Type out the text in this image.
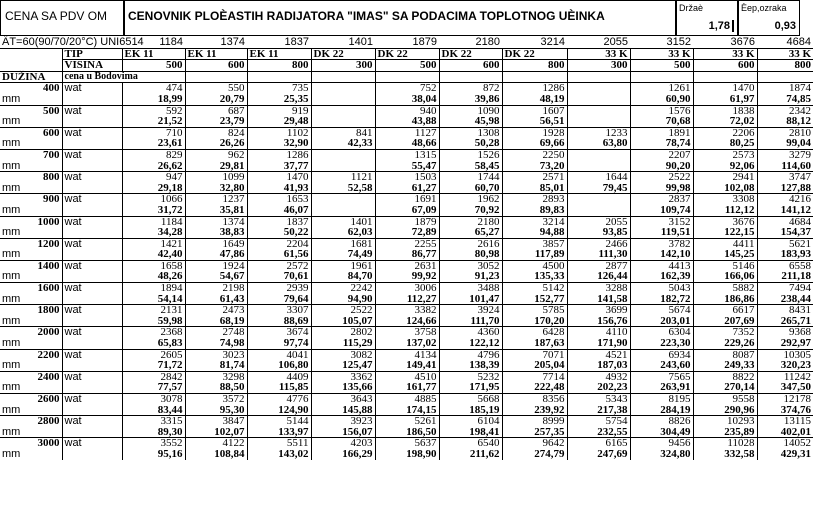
CENA SA PDV OM	CENOVNIK PLOÈASTIH RADIJATORA "IMAS" SA PODACIMA TOPLOTNOG UÈINKA
Držaè
1,78
Èep,ozraka
0,93
ÄT=60(90/70/20°C) UNI6514		1184	1374	1837	1401	1879	2180	3214	2055	3152	3676	4684
	TIP	EK 11	EK 11	EK 11	DK 22	DK 22	DK 22	DK 22	33 K	33 K	33 K	33 K
	VISINA	500	600	800	300	500	600	800	300	500	600	800
DUŽINA	cena u Bodovima											
400	wat	474	550	735		752	872	1286		1261	1470	1874
mm		18,99	20,79	25,35		38,04	39,86	48,19		60,90	61,97	74,85
500	wat	592	687	919		940	1090	1607		1576	1838	2342
mm		21,52	23,79	29,48		43,88	45,98	56,51		70,68	72,02	88,12
600	wat	710	824	1102	841	1127	1308	1928	1233	1891	2206	2810
mm		23,61	26,26	32,90	42,33	48,66	50,28	69,66	63,80	78,74	80,25	99,04
700	wat	829	962	1286		1315	1526	2250		2207	2573	3279
mm		26,62	29,81	37,77		55,47	58,45	73,20		90,20	92,06	114,60
800	wat	947	1099	1470	1121	1503	1744	2571	1644	2522	2941	3747
mm		29,18	32,80	41,93	52,58	61,27	60,70	85,01	79,45	99,98	102,08	127,88
900	wat	1066	1237	1653		1691	1962	2893		2837	3308	4216
mm		31,72	35,81	46,07		67,09	70,92	89,83		109,74	112,12	141,12
1000	wat	1184	1374	1837	1401	1879	2180	3214	2055	3152	3676	4684
mm		34,28	38,83	50,22	62,03	72,89	65,27	94,88	93,85	119,51	122,15	154,37
1200	wat	1421	1649	2204	1681	2255	2616	3857	2466	3782	4411	5621
mm		42,40	47,86	61,56	74,49	86,77	80,98	117,89	111,30	142,10	145,25	183,93
1400	wat	1658	1924	2572	1961	2631	3052	4500	2877	4413	5146	6558
mm		48,26	54,67	70,61	84,70	99,92	91,23	135,33	126,44	162,39	166,06	211,18
1600	wat	1894	2198	2939	2242	3006	3488	5142	3288	5043	5882	7494
mm		54,14	61,43	79,64	94,90	112,27	101,47	152,77	141,58	182,72	186,86	238,44
1800	wat	2131	2473	3307	2522	3382	3924	5785	3699	5674	6617	8431
mm		59,98	68,19	88,69	105,07	124,66	111,70	170,20	156,76	203,01	207,69	265,71
2000	wat	2368	2748	3674	2802	3758	4360	6428	4110	6304	7352	9368
mm		65,83	74,98	97,74	115,29	137,02	122,12	187,63	171,90	223,30	229,26	292,97
2200	wat	2605	3023	4041	3082	4134	4796	7071	4521	6934	8087	10305
mm		71,72	81,74	106,80	125,47	149,41	138,39	205,04	187,03	243,60	249,33	320,23
2400	wat	2842	3298	4409	3362	4510	5232	7714	4932	7565	8822	11242
mm		77,57	88,50	115,85	135,66	161,77	171,95	222,48	202,23	263,91	270,14	347,50
2600	wat	3078	3572	4776	3643	4885	5668	8356	5343	8195	9558	12178
mm		83,44	95,30	124,90	145,88	174,15	185,19	239,92	217,38	284,19	290,96	374,76
2800	wat	3315	3847	5144	3923	5261	6104	8999	5754	8826	10293	13115
mm		89,30	102,07	133,97	156,07	186,50	198,41	257,35	232,55	304,49	235,89	402,01
3000	wat	3552	4122	5511	4203	5637	6540	9642	6165	9456	11028	14052
mm		95,16	108,84	143,02	166,29	198,90	211,62	274,79	247,69	324,80	332,58	429,31
